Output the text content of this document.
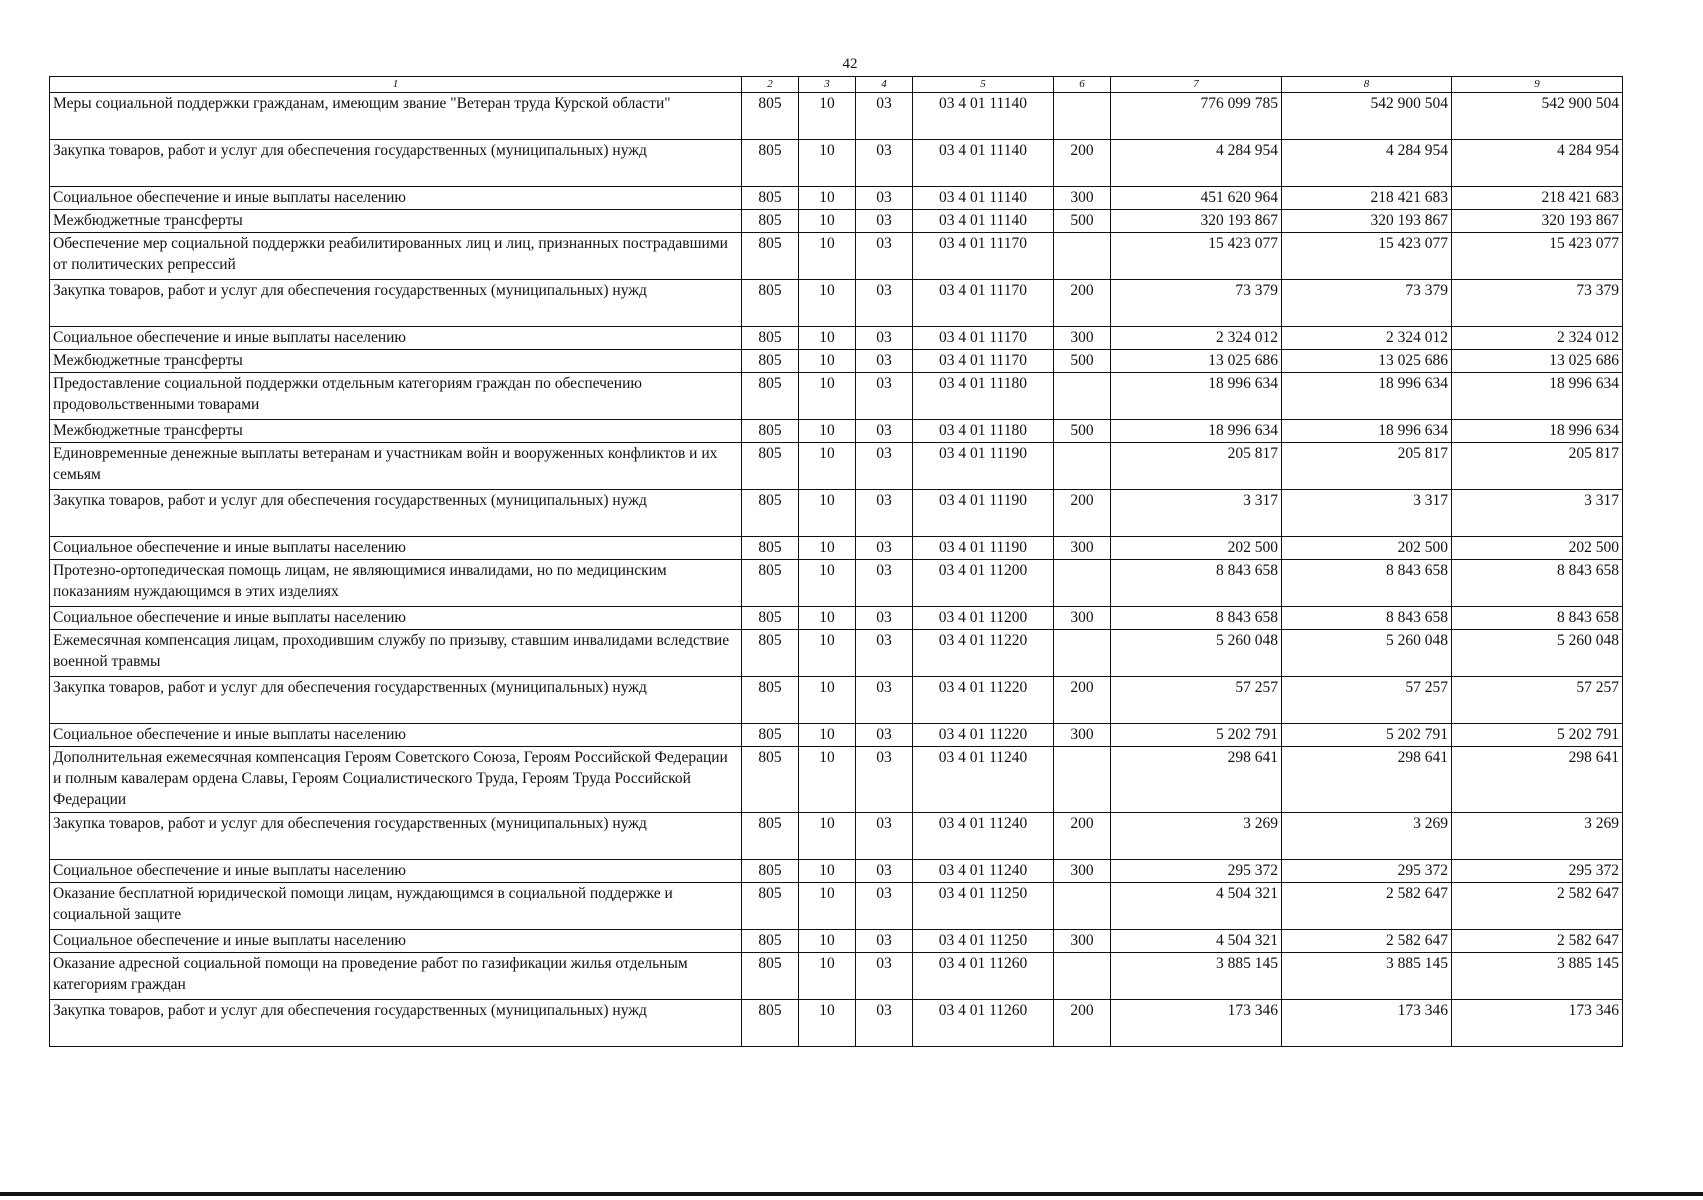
42
1	2	3	4	5	6	7	8	9
Меры социальной поддержки гражданам, имеющим звание "Ветеран труда Курской области"	805	10	03	03 4 01 11140		776 099 785	542 900 504	542 900 504
Закупка товаров, работ и услуг для обеспечения государственных (муниципальных) нужд	805	10	03	03 4 01 11140	200	4 284 954	4 284 954	4 284 954
Социальное обеспечение и иные выплаты населению	805	10	03	03 4 01 11140	300	451 620 964	218 421 683	218 421 683
Межбюджетные трансферты	805	10	03	03 4 01 11140	500	320 193 867	320 193 867	320 193 867
Обеспечение мер социальной поддержки реабилитированных лиц и лиц, признанных пострадавшими от политических репрессий	805	10	03	03 4 01 11170		15 423 077	15 423 077	15 423 077
Закупка товаров, работ и услуг для обеспечения государственных (муниципальных) нужд	805	10	03	03 4 01 11170	200	73 379	73 379	73 379
Социальное обеспечение и иные выплаты населению	805	10	03	03 4 01 11170	300	2 324 012	2 324 012	2 324 012
Межбюджетные трансферты	805	10	03	03 4 01 11170	500	13 025 686	13 025 686	13 025 686
Предоставление социальной поддержки отдельным категориям граждан по обеспечению продовольственными товарами	805	10	03	03 4 01 11180		18 996 634	18 996 634	18 996 634
Межбюджетные трансферты	805	10	03	03 4 01 11180	500	18 996 634	18 996 634	18 996 634
Единовременные денежные выплаты ветеранам и участникам войн и вооруженных конфликтов и их семьям	805	10	03	03 4 01 11190		205 817	205 817	205 817
Закупка товаров, работ и услуг для обеспечения государственных (муниципальных) нужд	805	10	03	03 4 01 11190	200	3 317	3 317	3 317
Социальное обеспечение и иные выплаты населению	805	10	03	03 4 01 11190	300	202 500	202 500	202 500
Протезно-ортопедическая помощь лицам, не являющимися инвалидами, но по медицинским показаниям нуждающимся в этих изделиях	805	10	03	03 4 01 11200		8 843 658	8 843 658	8 843 658
Социальное обеспечение и иные выплаты населению	805	10	03	03 4 01 11200	300	8 843 658	8 843 658	8 843 658
Ежемесячная компенсация лицам, проходившим службу по призыву, ставшим инвалидами вследствие военной травмы	805	10	03	03 4 01 11220		5 260 048	5 260 048	5 260 048
Закупка товаров, работ и услуг для обеспечения государственных (муниципальных) нужд	805	10	03	03 4 01 11220	200	57 257	57 257	57 257
Социальное обеспечение и иные выплаты населению	805	10	03	03 4 01 11220	300	5 202 791	5 202 791	5 202 791
Дополнительная ежемесячная компенсация Героям Советского Союза, Героям Российской Федерации и полным кавалерам ордена Славы, Героям Социалистического Труда, Героям Труда Российской Федерации	805	10	03	03 4 01 11240		298 641	298 641	298 641
Закупка товаров, работ и услуг для обеспечения государственных (муниципальных) нужд	805	10	03	03 4 01 11240	200	3 269	3 269	3 269
Социальное обеспечение и иные выплаты населению	805	10	03	03 4 01 11240	300	295 372	295 372	295 372
Оказание бесплатной юридической помощи лицам, нуждающимся в социальной поддержке и социальной защите	805	10	03	03 4 01 11250		4 504 321	2 582 647	2 582 647
Социальное обеспечение и иные выплаты населению	805	10	03	03 4 01 11250	300	4 504 321	2 582 647	2 582 647
Оказание адресной социальной помощи на проведение работ по газификации жилья отдельным категориям граждан	805	10	03	03 4 01 11260		3 885 145	3 885 145	3 885 145
Закупка товаров, работ и услуг для обеспечения государственных (муниципальных) нужд	805	10	03	03 4 01 11260	200	173 346	173 346	173 346
